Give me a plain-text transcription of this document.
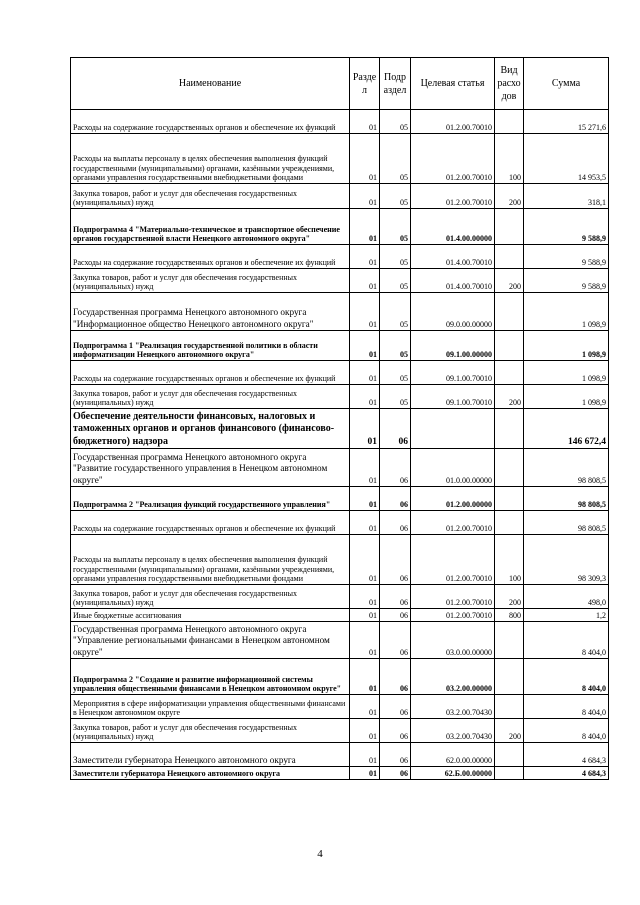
Наименование	Разде л	Подр аздел	Целевая статья	Вид расхо дов	Сумма
Расходы на содержание государственных органов и обеспечение их функций	01	05	01.2.00.70010		15 271,6
Расходы на выплаты персоналу в целях обеспечения выполнения функций государственными (муниципальными) органами, казёнными учреждениями, органами управления государственными внебюджетными фондами	01	05	01.2.00.70010	100	14 953,5
Закупка товаров, работ и услуг для обеспечения государственных (муниципальных) нужд	01	05	01.2.00.70010	200	318,1
Подпрограмма 4 "Материально-техническое и транспортное обеспечение органов государственной власти Ненецкого автономного округа"	01	05	01.4.00.00000		9 588,9
Расходы на содержание государственных органов и обеспечение их функций	01	05	01.4.00.70010		9 588,9
Закупка товаров, работ и услуг для обеспечения государственных (муниципальных) нужд	01	05	01.4.00.70010	200	9 588,9
Государственная программа Ненецкого автономного округа "Информационное общество Ненецкого автономного округа"	01	05	09.0.00.00000		1 098,9
Подпрограмма 1 "Реализация государственной политики в области информатизации Ненецкого автономного округа"	01	05	09.1.00.00000		1 098,9
Расходы на содержание государственных органов и обеспечение их функций	01	05	09.1.00.70010		1 098,9
Закупка товаров, работ и услуг для обеспечения государственных (муниципальных) нужд	01	05	09.1.00.70010	200	1 098,9
Обеспечение деятельности финансовых, налоговых и таможенных органов и органов финансового (финансово-бюджетного) надзора	01	06			146 672,4
Государственная программа Ненецкого автономного округа "Развитие государственного управления в Ненецком автономном округе"	01	06	01.0.00.00000		98 808,5
Подпрограмма 2 "Реализация функций государственного управления"	01	06	01.2.00.00000		98 808,5
Расходы на содержание государственных органов и обеспечение их функций	01	06	01.2.00.70010		98 808,5
Расходы на выплаты персоналу в целях обеспечения выполнения функций государственными (муниципальными) органами, казёнными учреждениями, органами управления государственными внебюджетными фондами	01	06	01.2.00.70010	100	98 309,3
Закупка товаров, работ и услуг для обеспечения государственных (муниципальных) нужд	01	06	01.2.00.70010	200	498,0
Иные бюджетные ассигнования	01	06	01.2.00.70010	800	1,2
Государственная программа Ненецкого автономного округа "Управление региональными финансами в Ненецком автономном округе"	01	06	03.0.00.00000		8 404,0
Подпрограмма 2 "Создание и развитие информационной системы управления общественными финансами в Ненецком автономном округе"	01	06	03.2.00.00000		8 404,0
Мероприятия в сфере информатизации управления общественными финансами в Ненецком автономном округе	01	06	03.2.00.70430		8 404,0
Закупка товаров, работ и услуг для обеспечения государственных (муниципальных) нужд	01	06	03.2.00.70430	200	8 404,0
Заместители губернатора Ненецкого автономного округа	01	06	62.0.00.00000		4 684,3
Заместители губернатора Ненецкого автономного округа	01	06	62.Б.00.00000		4 684,3
4
